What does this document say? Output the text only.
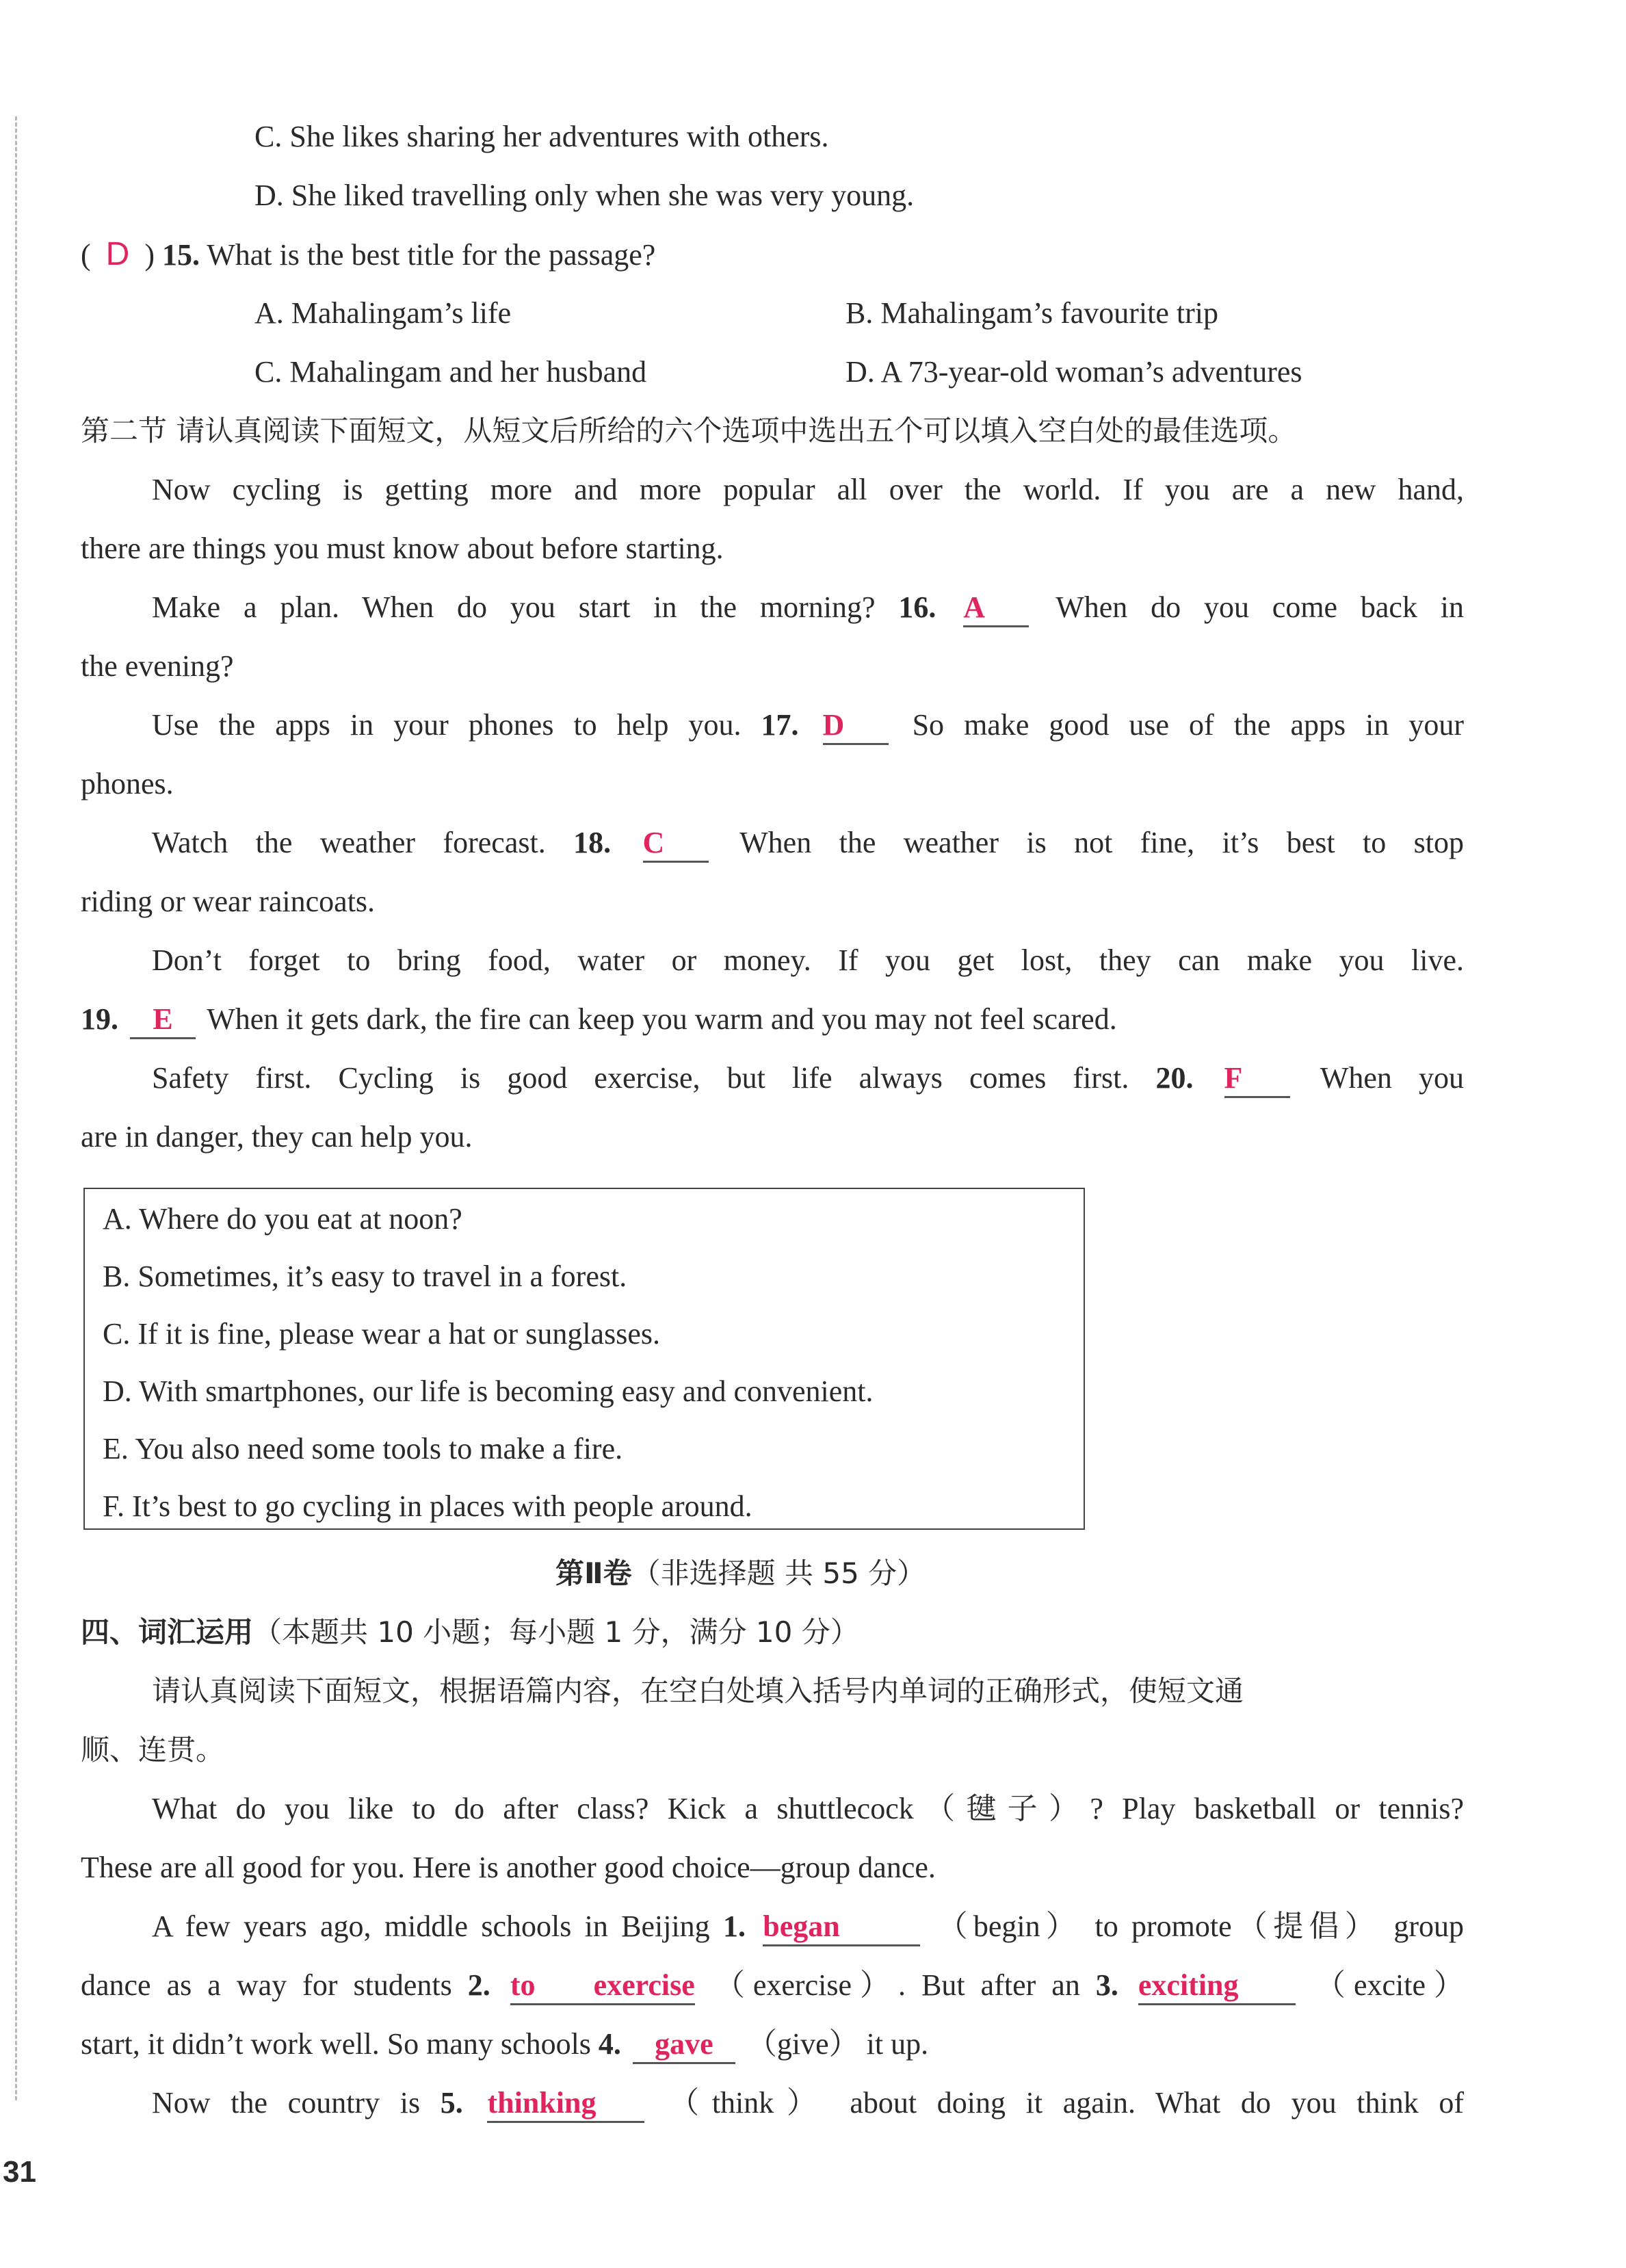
C. She likes sharing her adventures with others.
D. She liked travelling only when she was very young.
( D ) 15. What is the best title for the passage?
A. Mahalingam’s life	B. Mahalingam’s favourite trip
C. Mahalingam and her husband	D. A 73-year-old woman’s adventures
第二节 请认真阅读下面短文，从短文后所给的六个选项中选出五个可以填入空白处的最佳选项。
Now cycling is getting more and more popular all over the world. If you are a new hand,
there are things you must know about before starting.
Make a plan. When do you start in the morning? 16. A When do you come back in
the evening?
Use the apps in your phones to help you. 17. D So make good use of the apps in your
phones.
Watch the weather forecast. 18. C When the weather is not fine, it’s best to stop
riding or wear raincoats.
Don’t forget to bring food, water or money. If you get lost, they can make you live.
19. E When it gets dark, the fire can keep you warm and you may not feel scared.
Safety first. Cycling is good exercise, but life always comes first. 20. F	When you
are in danger, they can help you.
A. Where do you eat at noon?
B. Sometimes, it’s easy to travel in a forest.
C. If it is fine, please wear a hat or sunglasses.
D. With smartphones, our life is becoming easy and convenient.
E. You also need some tools to make a fire.
F. It’s best to go cycling in places with people around.
第Ⅱ卷（非选择题 共 55 分）
四、词汇运用（本题共 10 小题；每小题 1 分，满分 10 分）
请认真阅读下面短文，根据语篇内容，在空白处填入括号内单词的正确形式，使短文通
顺、连贯。
What do you like to do after class? Kick a shuttlecock（毽子）? Play basketball or tennis?
These are all good for you. Here is another good choice—group dance.
A few years ago, middle schools in Beijing 1. began	（begin） to promote（提倡） group
dance as a way for students 2. to exercise （exercise）. But after an 3. exciting	（excite）
start, it didn’t work well. So many schools 4. gave （give） it up.
Now the country is 5. thinking （think） about doing it again. What do you think of
31
